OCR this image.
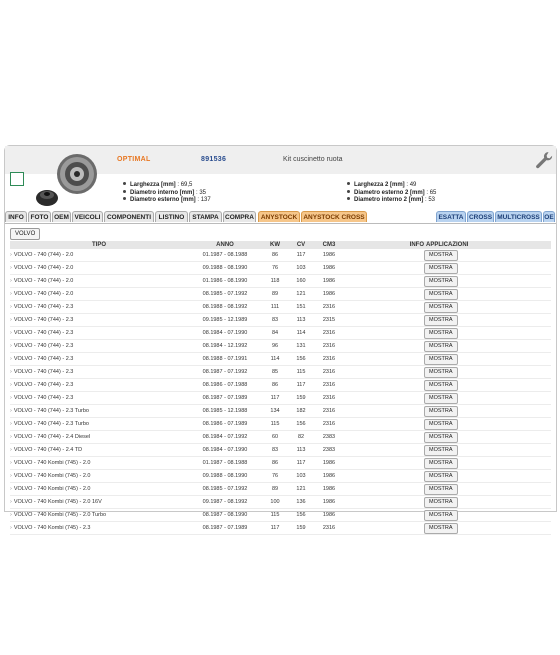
OPTIMAL	891536	Kit cuscinetto ruota
Larghezza [mm] : 69,5
Diametro interno [mm] : 35
Diametro esterno [mm] : 137
Larghezza 2 [mm] : 49
Diametro esterno 2 [mm] : 65
Diametro interno 2 [mm] : 53
INFO	FOTO OEM VEICOLI COMPONENTI	LISTINO	STAMPA COMPRA	ANYSTOCK ANYSTOCK CROSS	ESATTA CROSS MULTICROSS OE
VOLVO
TIPO	ANNO	KW	CV	CM3	INFO	APPLICAZIONI
› VOLVO - 740 (744) - 2.0	01.1987 - 08.1988	86	117	1986		MOSTRA
› VOLVO - 740 (744) - 2.0	09.1988 - 08.1990	76	103	1986		MOSTRA
› VOLVO - 740 (744) - 2.0	01.1986 - 08.1990	118	160	1986		MOSTRA
› VOLVO - 740 (744) - 2.0	08.1985 - 07.1992	89	121	1986		MOSTRA
› VOLVO - 740 (744) - 2.3	08.1988 - 08.1992	111	151	2316		MOSTRA
› VOLVO - 740 (744) - 2.3	09.1985 - 12.1989	83	113	2315		MOSTRA
› VOLVO - 740 (744) - 2.3	08.1984 - 07.1990	84	114	2316		MOSTRA
› VOLVO - 740 (744) - 2.3	08.1984 - 12.1992	96	131	2316		MOSTRA
› VOLVO - 740 (744) - 2.3	08.1988 - 07.1991	114	156	2316		MOSTRA
› VOLVO - 740 (744) - 2.3	08.1987 - 07.1992	85	115	2316		MOSTRA
› VOLVO - 740 (744) - 2.3	08.1986 - 07.1988	86	117	2316		MOSTRA
› VOLVO - 740 (744) - 2.3	08.1987 - 07.1989	117	159	2316		MOSTRA
› VOLVO - 740 (744) - 2.3 Turbo	08.1985 - 12.1988	134	182	2316		MOSTRA
› VOLVO - 740 (744) - 2.3 Turbo	08.1986 - 07.1989	115	156	2316		MOSTRA
› VOLVO - 740 (744) - 2.4 Diesel	08.1984 - 07.1992	60	82	2383		MOSTRA
› VOLVO - 740 (744) - 2.4 TD	08.1984 - 07.1990	83	113	2383		MOSTRA
› VOLVO - 740 Kombi (745) - 2.0	01.1987 - 08.1988	86	117	1986		MOSTRA
› VOLVO - 740 Kombi (745) - 2.0	09.1988 - 08.1990	76	103	1986		MOSTRA
› VOLVO - 740 Kombi (745) - 2.0	08.1985 - 07.1992	89	121	1986		MOSTRA
› VOLVO - 740 Kombi (745) - 2.0 16V	09.1987 - 08.1992	100	136	1986		MOSTRA
› VOLVO - 740 Kombi (745) - 2.0 Turbo	08.1987 - 08.1990	115	156	1986		MOSTRA
› VOLVO - 740 Kombi (745) - 2.3	08.1987 - 07.1989	117	159	2316		MOSTRA
